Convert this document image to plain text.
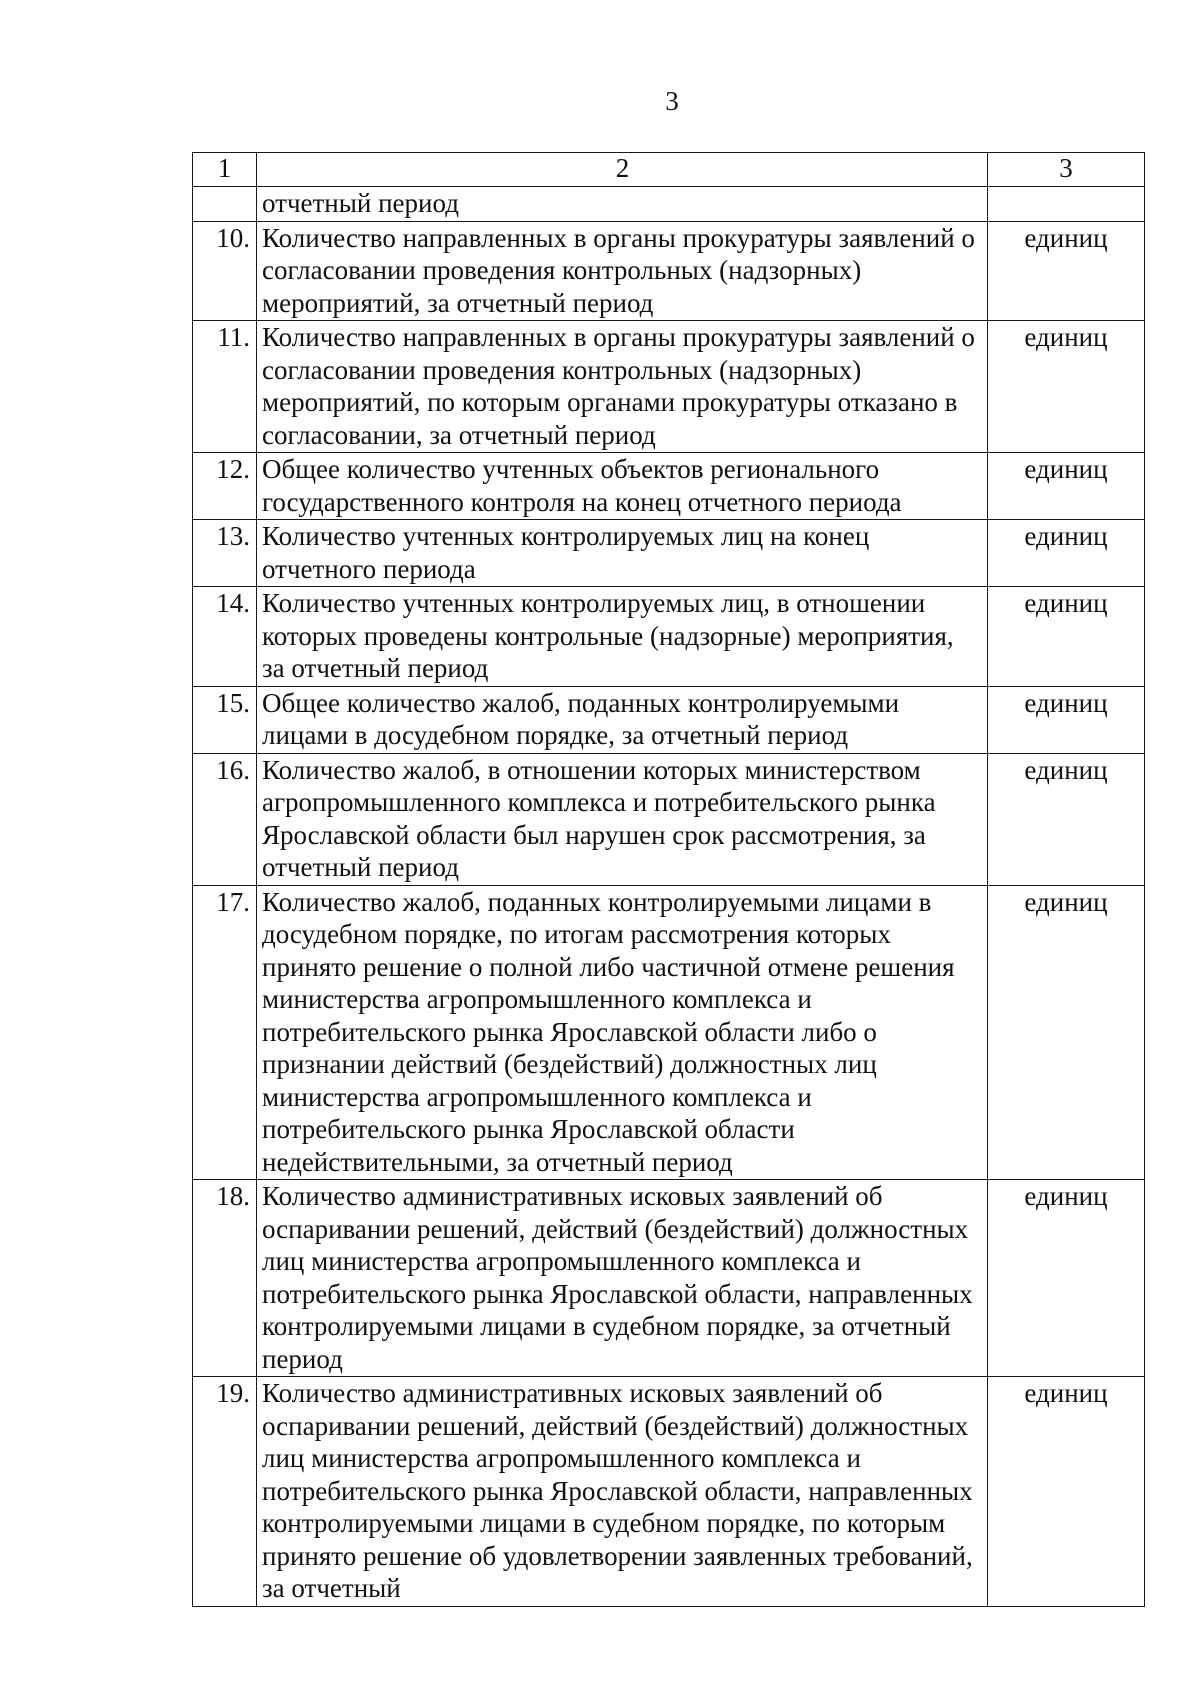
3
1	2	3
	отчетный период	
10.	Количество направленных в органы прокуратуры заявлений о согласовании проведения контрольных (надзорных) мероприятий, за отчетный период	единиц
11.	Количество направленных в органы прокуратуры заявлений о согласовании проведения контрольных (надзорных) мероприятий, по которым органами прокуратуры отказано в согласовании, за отчетный период	единиц
12.	Общее количество учтенных объектов регионального государственного контроля на конец отчетного периода	единиц
13.	Количество учтенных контролируемых лиц на конец отчетного периода	единиц
14.	Количество учтенных контролируемых лиц, в отношении которых проведены контрольные (надзорные) мероприятия, за отчетный период	единиц
15.	Общее количество жалоб, поданных контролируемыми лицами в досудебном порядке, за отчетный период	единиц
16.	Количество жалоб, в отношении которых министерством агропромышленного комплекса и потребительского рынка Ярославской области был нарушен срок рассмотрения, за отчетный период	единиц
17.	Количество жалоб, поданных контролируемыми лицами в досудебном порядке, по итогам рассмотрения которых принято решение о полной либо частичной отмене решения министерства агропромышленного комплекса и потребительского рынка Ярославской области либо о признании действий (бездействий) должностных лиц министерства агропромышленного комплекса и потребительского рынка Ярославской области недействительными, за отчетный период	единиц
18.	Количество административных исковых заявлений об оспаривании решений, действий (бездействий) должностных лиц министерства агропромышленного комплекса и потребительского рынка Ярославской области, направленных контролируемыми лицами в судебном порядке, за отчетный период	единиц
19.	Количество административных исковых заявлений об оспаривании решений, действий (бездействий) должностных лиц министерства агропромышленного комплекса и потребительского рынка Ярославской области, направленных контролируемыми лицами в судебном порядке, по которым принято решение об удовлетворении заявленных требований, за отчетный	единиц
